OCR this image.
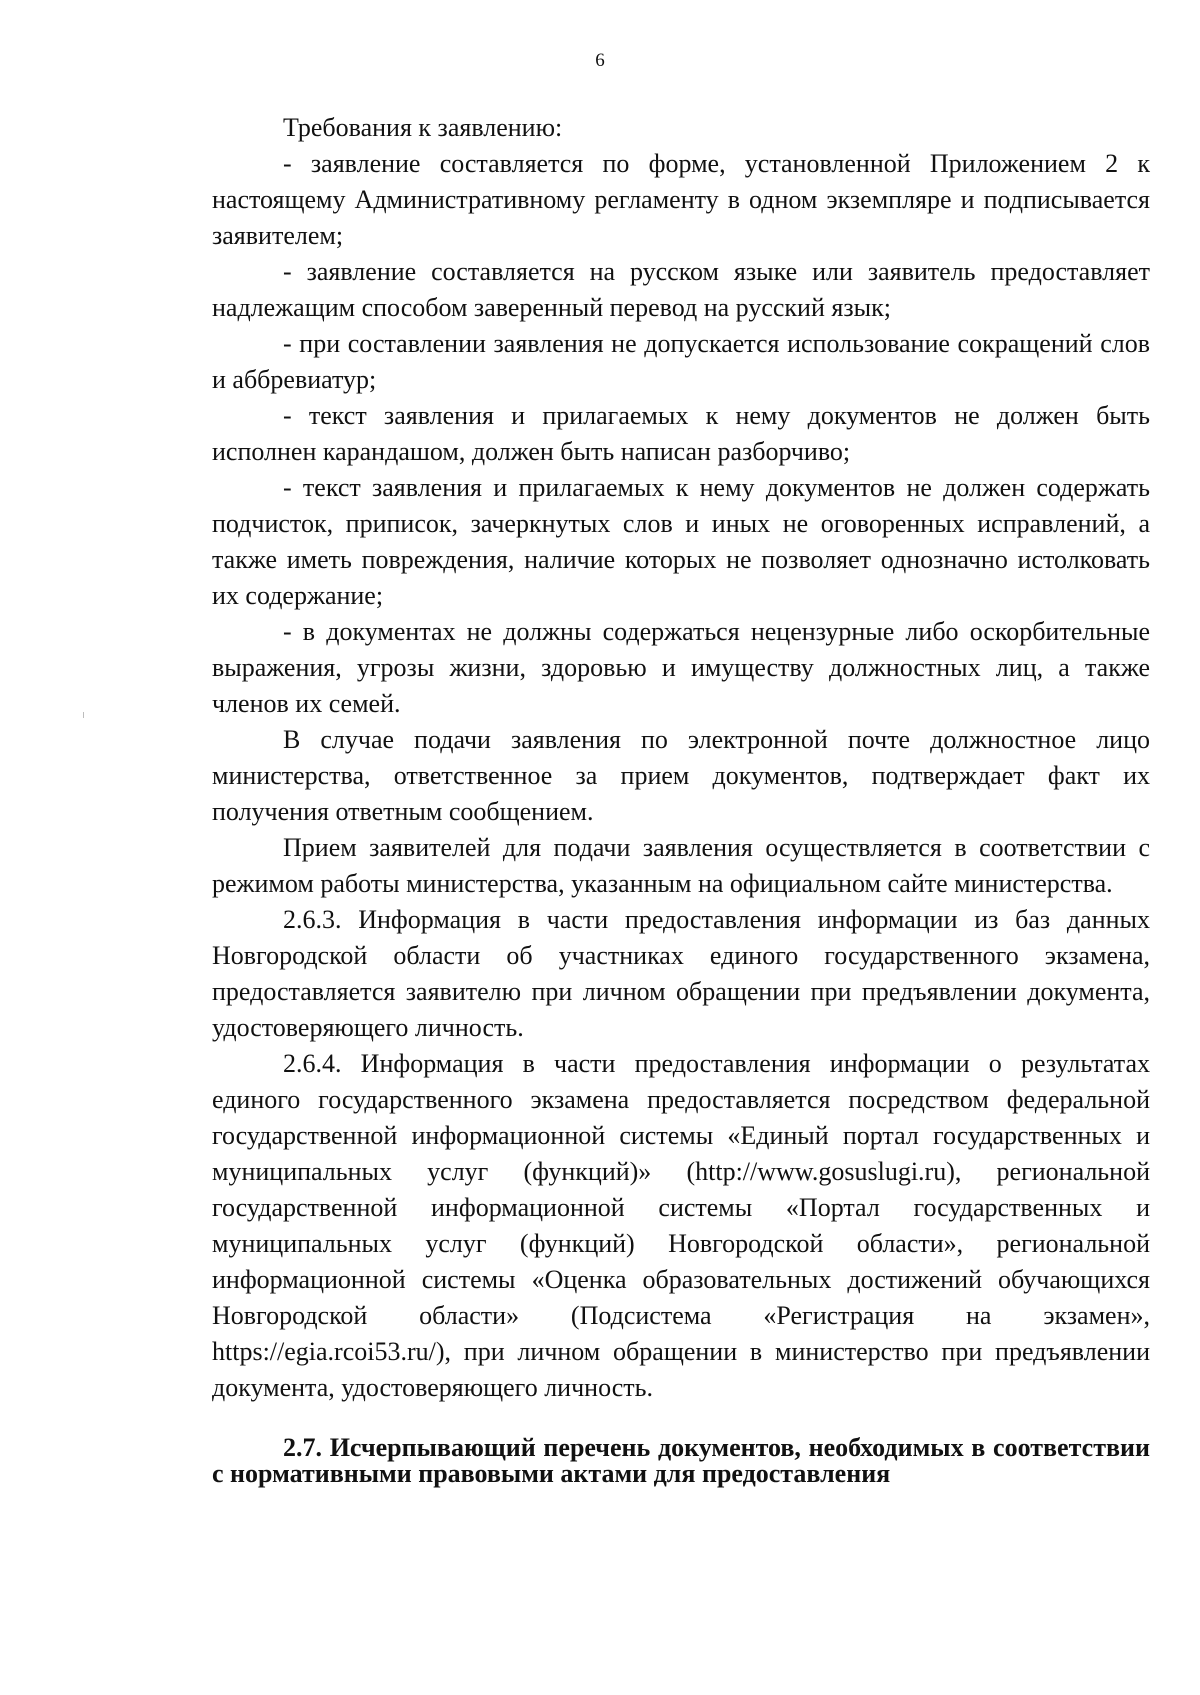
6

Требования к заявлению:

- заявление составляется по форме, установленной Приложением 2 к настоящему Административному регламенту в одном экземпляре и подписывается заявителем;

- заявление составляется на русском языке или заявитель предоставляет надлежащим способом заверенный перевод на русский язык;

- при составлении заявления не допускается использование сокращений слов и аббревиатур;

- текст заявления и прилагаемых к нему документов не должен быть исполнен карандашом, должен быть написан разборчиво;

- текст заявления и прилагаемых к нему документов не должен содержать подчисток, приписок, зачеркнутых слов и иных не оговоренных исправлений, а также иметь повреждения, наличие которых не позволяет однозначно истолковать их содержание;

- в документах не должны содержаться нецензурные либо оскорбительные выражения, угрозы жизни, здоровью и имуществу должностных лиц, а также членов их семей.

В случае подачи заявления по электронной почте должностное лицо министерства, ответственное за прием документов, подтверждает факт их получения ответным сообщением.

Прием заявителей для подачи заявления осуществляется в соответствии с режимом работы министерства, указанным на официальном сайте министерства.

2.6.3. Информация в части предоставления информации из баз данных Новгородской области об участниках единого государственного экзамена, предоставляется заявителю при личном обращении при предъявлении документа, удостоверяющего личность.

2.6.4. Информация в части предоставления информации о результатах единого государственного экзамена предоставляется посредством федеральной государственной информационной системы «Единый портал государственных и муниципальных услуг (функций)» (http://www.gosuslugi.ru), региональной государственной информационной системы «Портал государственных и муниципальных услуг (функций) Новгородской области», региональной информационной системы «Оценка образовательных достижений обучающихся Новгородской области» (Подсистема «Регистрация на экзамен», https://egia.rcoi53.ru/), при личном обращении в министерство при предъявлении документа, удостоверяющего личность.

2.7. Исчерпывающий перечень документов, необходимых в соответствии с нормативными правовыми актами для предоставления
